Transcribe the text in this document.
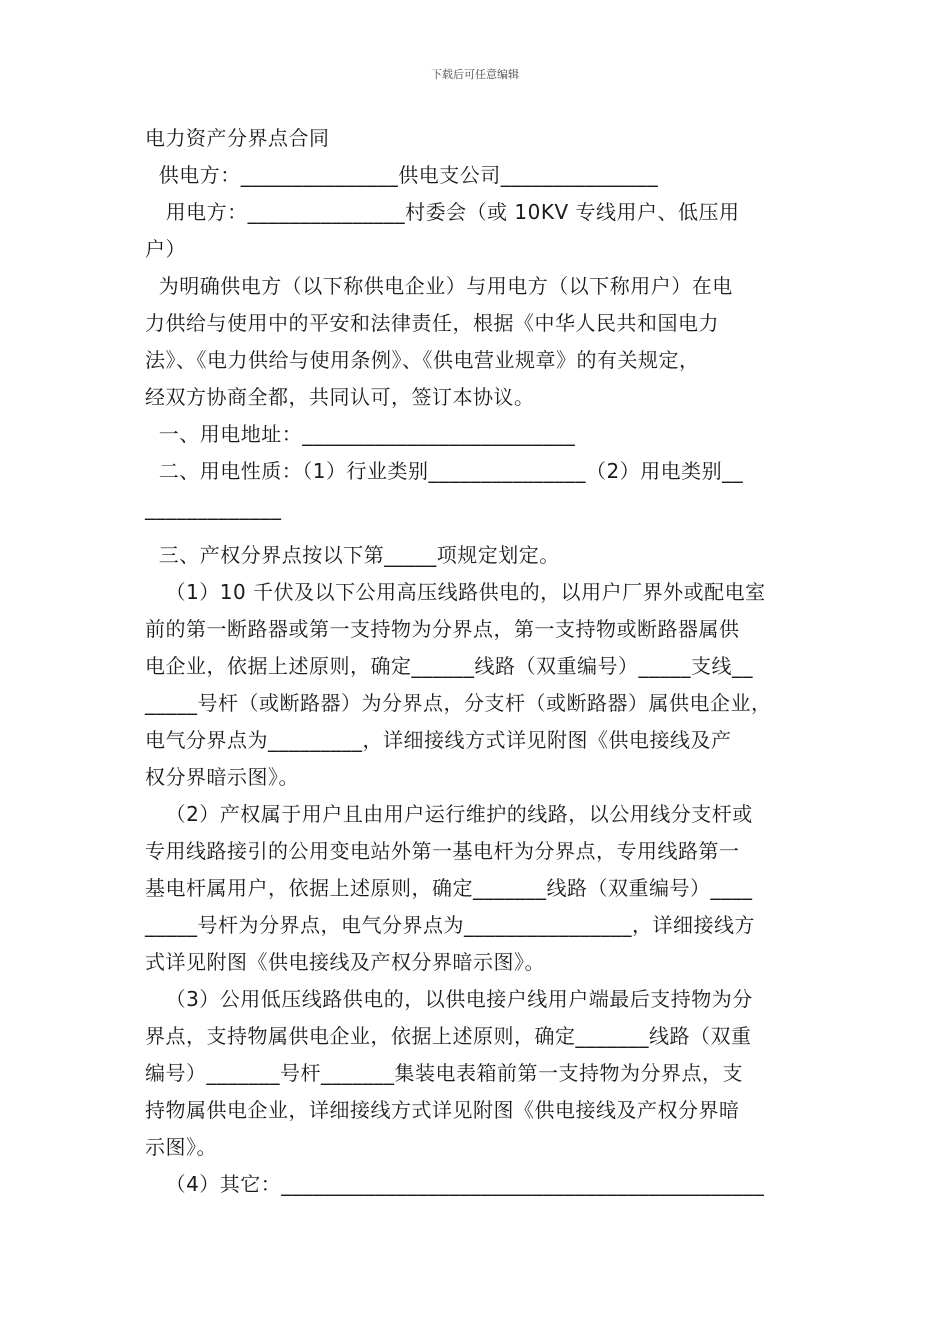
下载后可任意编辑
电力资产分界点合同
供电方：_______________供电支公司_______________
用电方：_______________村委会（或 10KV 专线用户、低压用
户）
为明确供电方（以下称供电企业）与用电方（以下称用户）在电
力供给与使用中的平安和法律责任，根据《中华人民共和国电力
法》、《电力供给与使用条例》、《供电营业规章》的有关规定，
经双方协商全都，共同认可，签订本协议。
一、用电地址：__________________________
二、用电性质：（1）行业类别_______________（2）用电类别__
_____________
三、产权分界点按以下第_____项规定划定。
（1）10 千伏及以下公用高压线路供电的，以用户厂界外或配电室
前的第一断路器或第一支持物为分界点，第一支持物或断路器属供
电企业，依据上述原则，确定______线路（双重编号）_____支线__
_____号杆（或断路器）为分界点，分支杆（或断路器）属供电企业，
电气分界点为_________，详细接线方式详见附图《供电接线及产
权分界暗示图》。
（2）产权属于用户且由用户运行维护的线路，以公用线分支杆或
专用线路接引的公用变电站外第一基电杆为分界点，专用线路第一
基电杆属用户，依据上述原则，确定_______线路（双重编号）____
_____号杆为分界点，电气分界点为________________，详细接线方
式详见附图《供电接线及产权分界暗示图》。
（3）公用低压线路供电的，以供电接户线用户端最后支持物为分
界点，支持物属供电企业，依据上述原则，确定_______线路（双重
编号）_______号杆_______集装电表箱前第一支持物为分界点，支
持物属供电企业，详细接线方式详见附图《供电接线及产权分界暗
示图》。
（4）其它：______________________________________________
